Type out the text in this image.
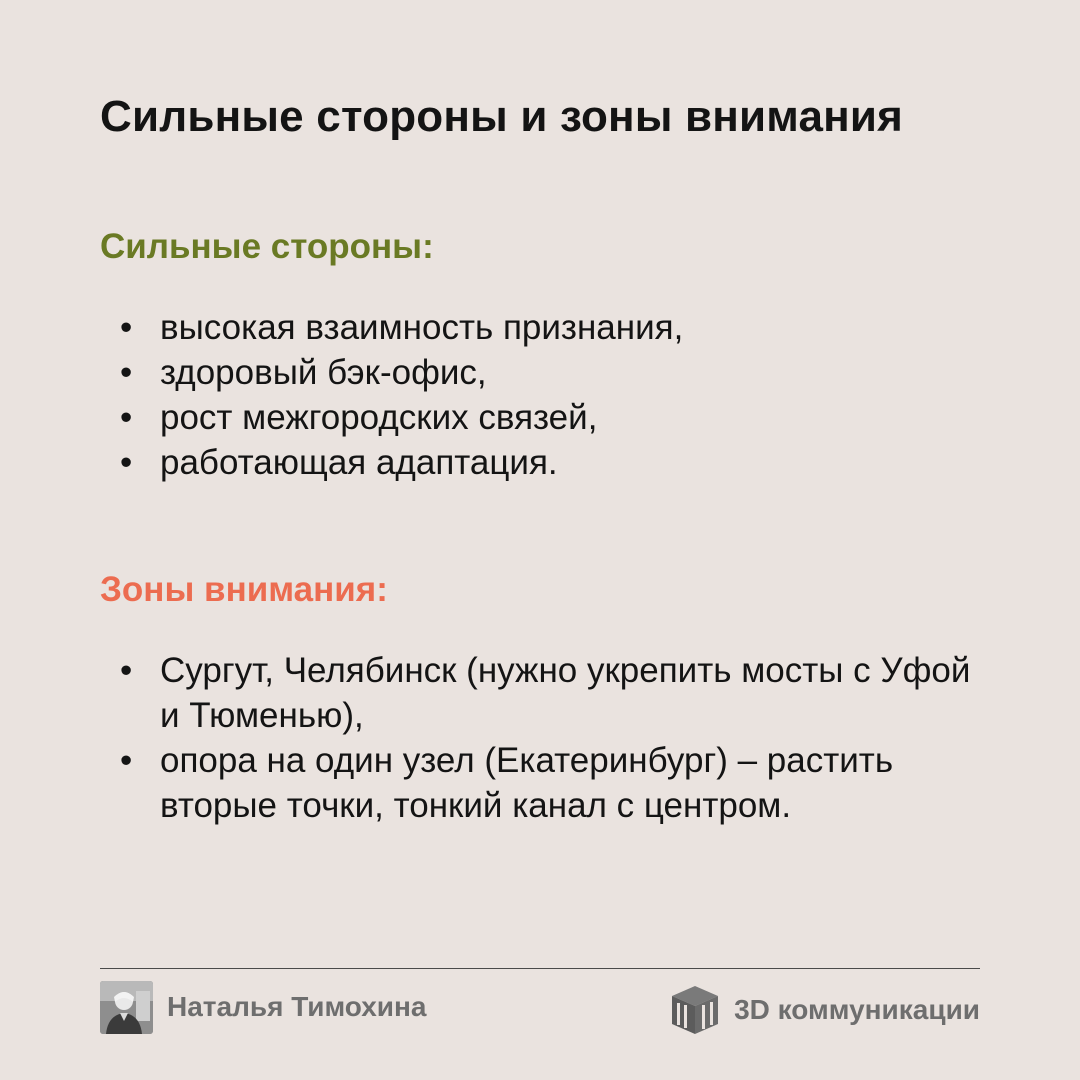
Сильные стороны и зоны внимания
Сильные стороны:
• высокая взаимность признания,
• здоровый бэк-офис,
• рост межгородских связей,
• работающая адаптация.
Зоны внимания:
• Сургут, Челябинск (нужно укрепить мосты с Уфой и Тюменью),
• опора на один узел (Екатеринбург) – растить вторые точки, тонкий канал с центром.
Наталья Тимохина	3D коммуникации
